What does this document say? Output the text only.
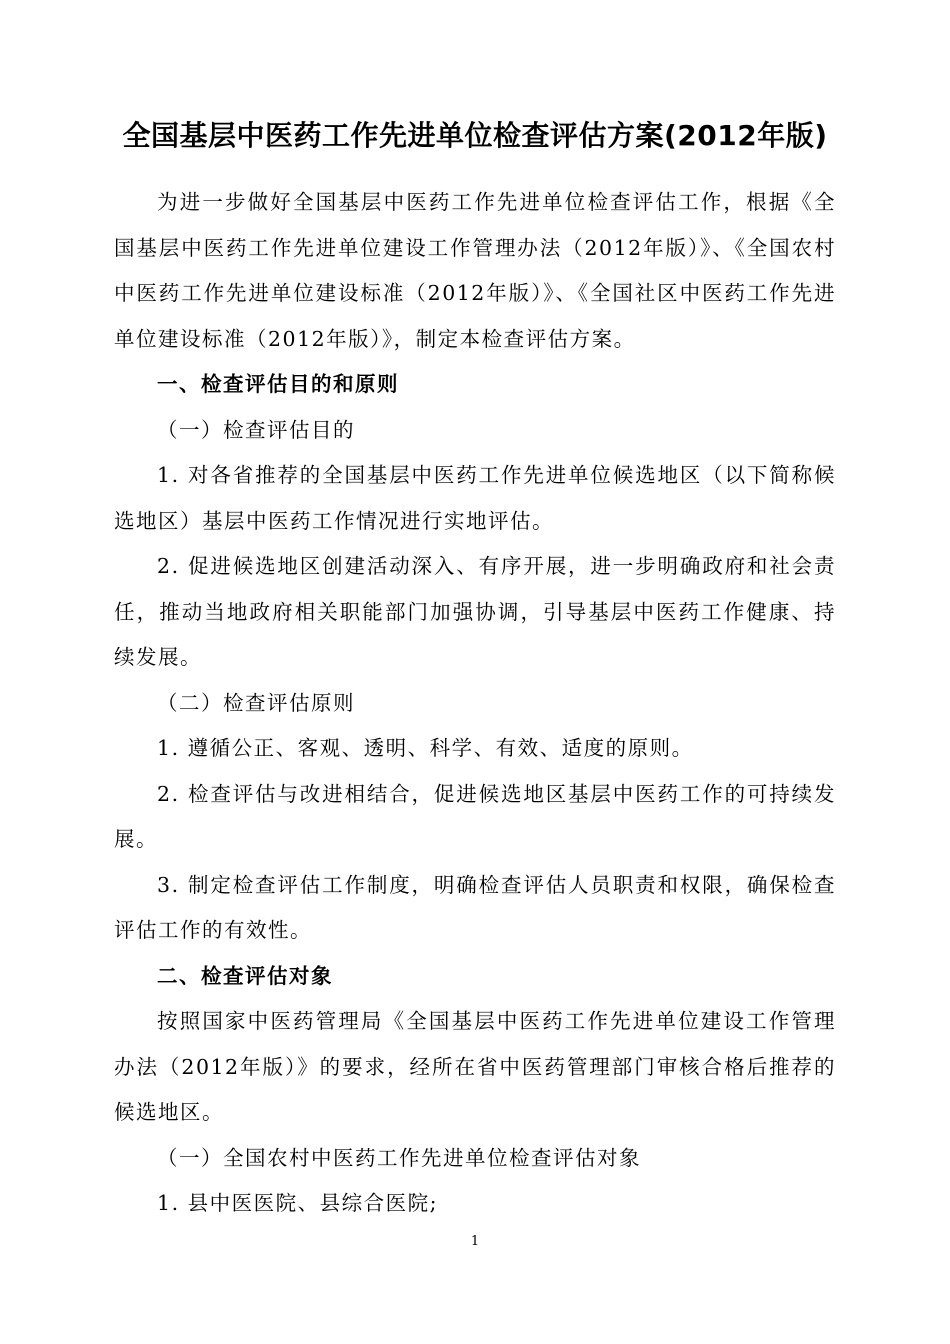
全国基层中医药工作先进单位检查评估方案(2012年版)

为进一步做好全国基层中医药工作先进单位检查评估工作，根据《全国基层中医药工作先进单位建设工作管理办法（2012年版）》、《全国农村中医药工作先进单位建设标准（2012年版）》、《全国社区中医药工作先进单位建设标准（2012年版）》，制定本检查评估方案。

一、检查评估目的和原则

（一）检查评估目的

1. 对各省推荐的全国基层中医药工作先进单位候选地区（以下简称候选地区）基层中医药工作情况进行实地评估。

2. 促进候选地区创建活动深入、有序开展，进一步明确政府和社会责任，推动当地政府相关职能部门加强协调，引导基层中医药工作健康、持续发展。

（二）检查评估原则

1. 遵循公正、客观、透明、科学、有效、适度的原则。

2. 检查评估与改进相结合，促进候选地区基层中医药工作的可持续发展。

3. 制定检查评估工作制度，明确检查评估人员职责和权限，确保检查评估工作的有效性。

二、检查评估对象

按照国家中医药管理局《全国基层中医药工作先进单位建设工作管理办法（2012年版）》的要求，经所在省中医药管理部门审核合格后推荐的候选地区。

（一）全国农村中医药工作先进单位检查评估对象

1. 县中医医院、县综合医院;

1
